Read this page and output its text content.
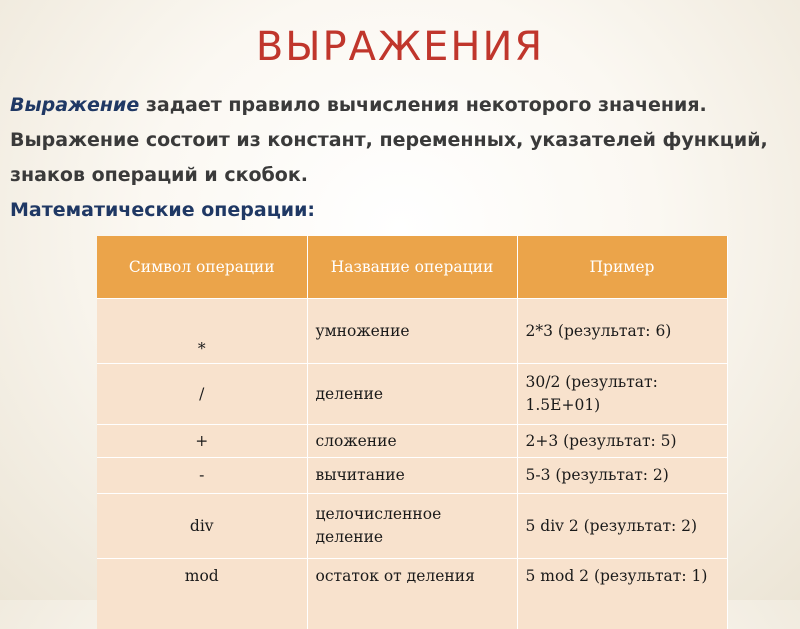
ВЫРАЖЕНИЯ
Выражение задает правило вычисления некоторого значения. Выражение состоит из констант, переменных, указателей функций, знаков операций и скобок.
Математические операции:
Символ операции	Название операции	Пример
*	умножение	2*3 (результат: 6)
/	деление	30/2 (результат: 1.5E+01)
+	сложение	2+3 (результат: 5)
-	вычитание	5-3 (результат: 2)
div	целочисленное деление	5 div 2 (результат: 2)
mod	остаток от деления	5 mod 2 (результат: 1)
